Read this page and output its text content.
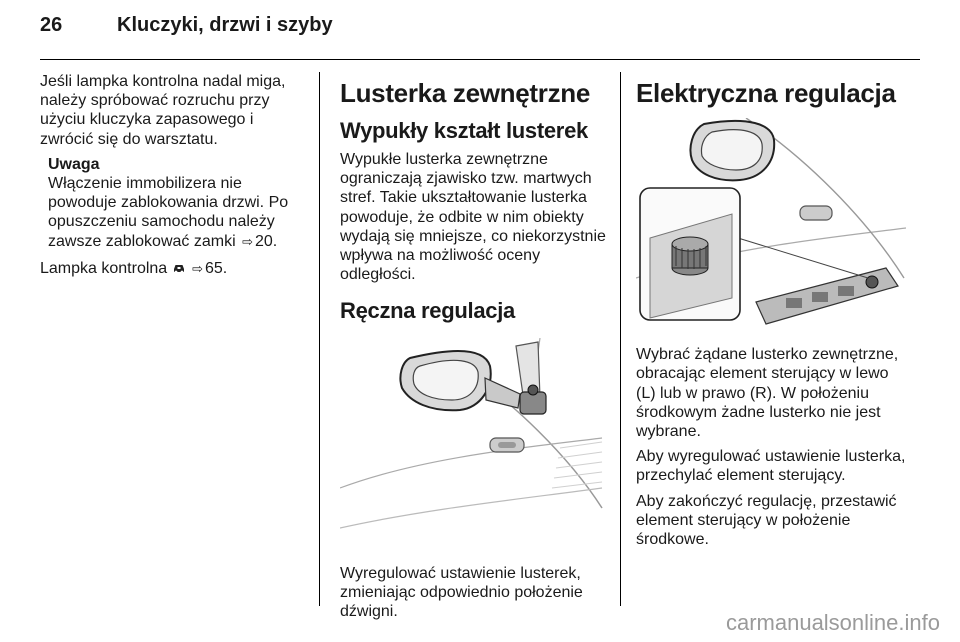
26	Kluczyki, drzwi i szyby

Jeśli lampka kontrolna nadal miga, należy spróbować rozruchu przy użyciu kluczyka zapasowego i zwrócić się do warsztatu.

Uwaga
Włączenie immobilizera nie powoduje zablokowania drzwi. Po opuszczeniu samochodu należy zawsze zablokować zamki ⇨ 20.

Lampka kontrolna ⇨ 65.

Lusterka zewnętrzne
Wypukły kształt lusterek

Wypukłe lusterka zewnętrzne ograniczają zjawisko tzw. martwych stref. Takie ukształtowanie lusterka powoduje, że odbite w nim obiekty wydają się mniejsze, co niekorzystnie wpływa na możliwość oceny odległości.

Ręczna regulacja

Wyregulować ustawienie lusterek, zmieniając odpowiednio położenie dźwigni.

Elektryczna regulacja

Wybrać żądane lusterko zewnętrzne, obracając element sterujący w lewo (L) lub w prawo (R). W położeniu środkowym żadne lusterko nie jest wybrane.

Aby wyregulować ustawienie lusterka, przechylać element sterujący.

Aby zakończyć regulację, przestawić element sterujący w położenie środkowe.

carmanualsonline.info
